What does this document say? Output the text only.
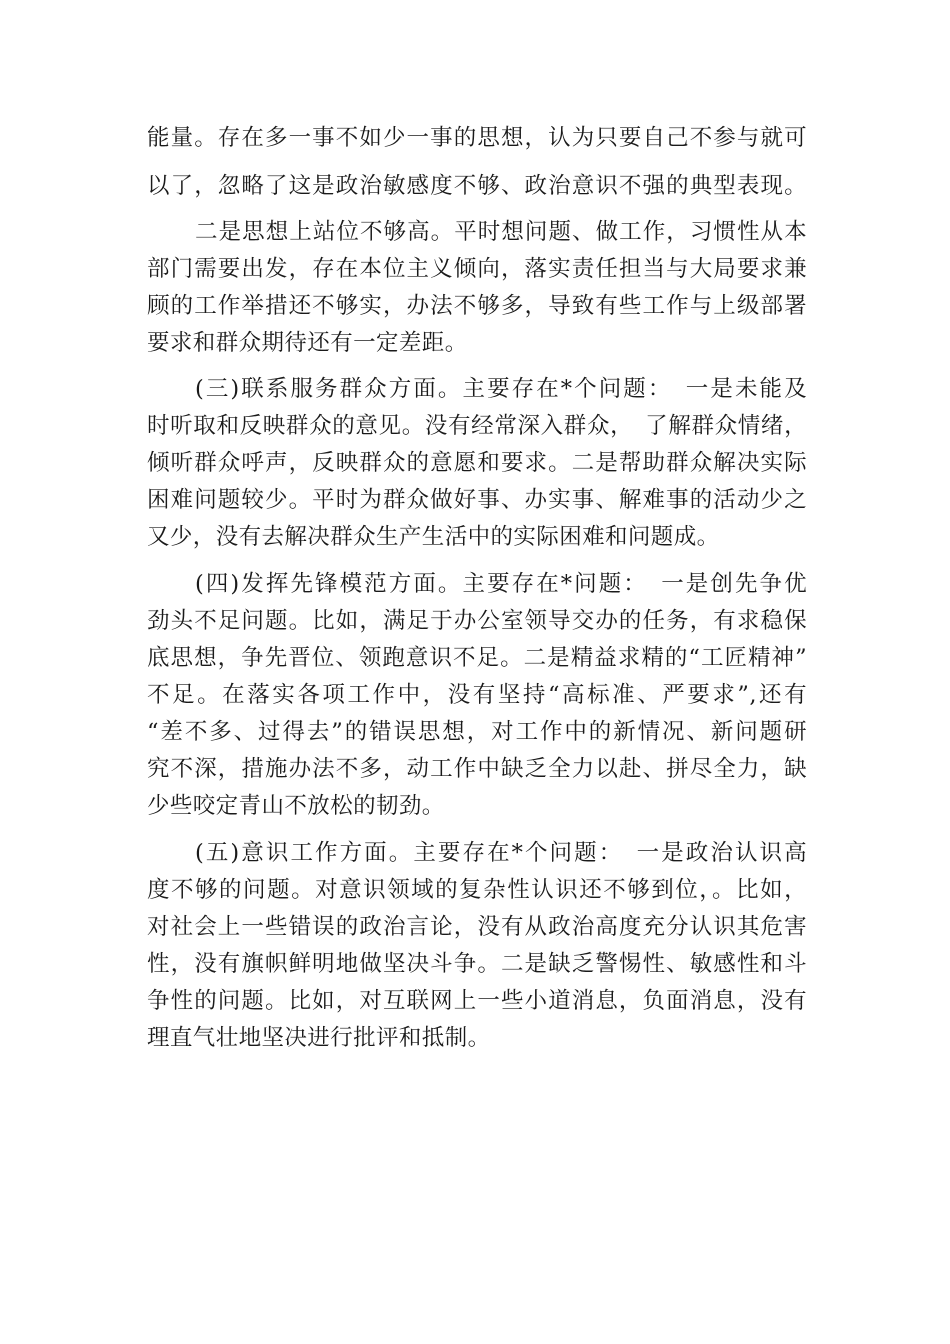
能量。存在多一事不如少一事的思想，认为只要自己不参与就可
以了，忽略了这是政治敏感度不够、政治意识不强的典型表现。
二是思想上站位不够高。平时想问题、做工作，习惯性从本
部门需要出发，存在本位主义倾向，落实责任担当与大局要求兼
顾的工作举措还不够实，办法不够多，导致有些工作与上级部署
要求和群众期待还有一定差距。
(三)联系服务群众方面。主要存在*个问题：　一是未能及
时听取和反映群众的意见。没有经常深入群众，　了解群众情绪，
倾听群众呼声，反映群众的意愿和要求。二是帮助群众解决实际
困难问题较少。平时为群众做好事、办实事、解难事的活动少之
又少，没有去解决群众生产生活中的实际困难和问题成。
(四)发挥先锋模范方面。主要存在*问题：　一是创先争优
劲头不足问题。比如，满足于办公室领导交办的任务，有求稳保
底思想，争先晋位、领跑意识不足。二是精益求精的“工匠精神”
不足。在落实各项工作中，没有坚持“高标准、严要求”,还有
“差不多、过得去”的错误思想，对工作中的新情况、新问题研
究不深，措施办法不多，动工作中缺乏全力以赴、拼尽全力，缺
少些咬定青山不放松的韧劲。
(五)意识工作方面。主要存在*个问题：　一是政治认识高
度不够的问题。对意识领域的复杂性认识还不够到位，。比如，
对社会上一些错误的政治言论，没有从政治高度充分认识其危害
性，没有旗帜鲜明地做坚决斗争。二是缺乏警惕性、敏感性和斗
争性的问题。比如，对互联网上一些小道消息，负面消息，没有
理直气壮地坚决进行批评和抵制。
